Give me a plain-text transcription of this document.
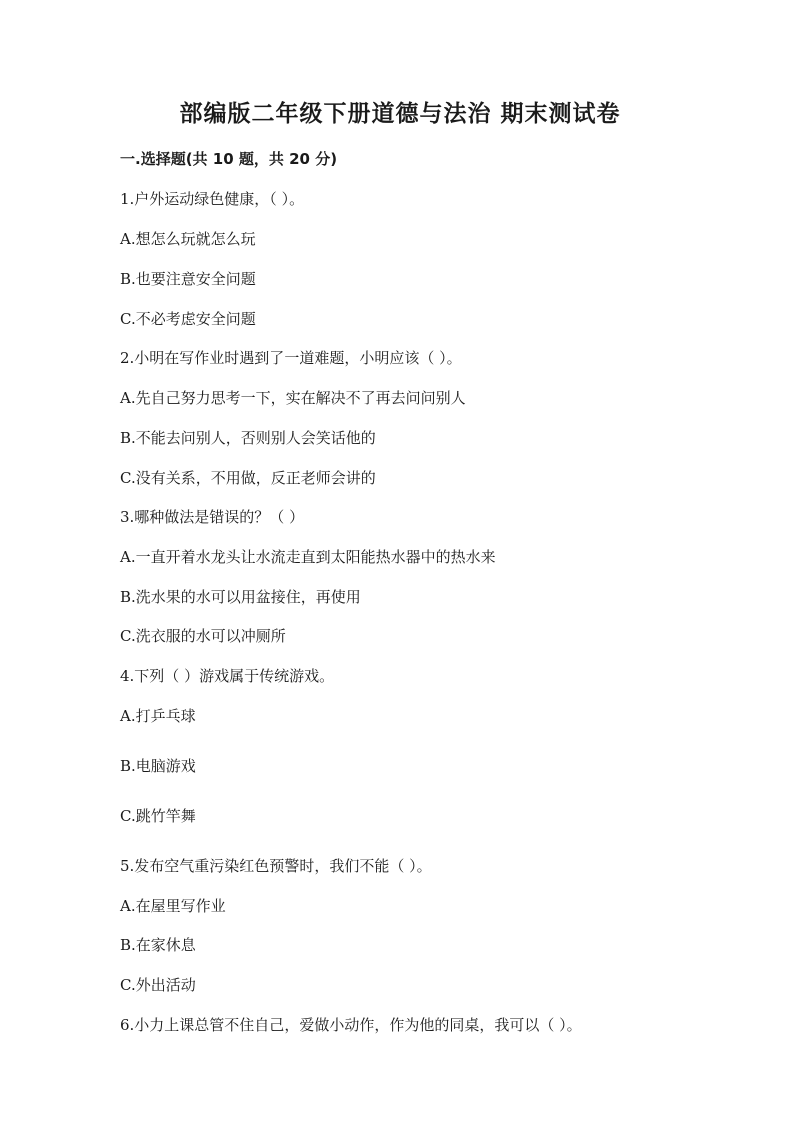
部编版二年级下册道德与法治 期末测试卷
一.选择题(共 10 题，共 20 分)
1.户外运动绿色健康，（ ）。
A.想怎么玩就怎么玩
B.也要注意安全问题
C.不必考虑安全问题
2.小明在写作业时遇到了一道难题，小明应该（ ）。
A.先自己努力思考一下，实在解决不了再去问问别人
B.不能去问别人，否则别人会笑话他的
C.没有关系，不用做，反正老师会讲的
3.哪种做法是错误的？（ ）
A.一直开着水龙头让水流走直到太阳能热水器中的热水来
B.洗水果的水可以用盆接住，再使用
C.洗衣服的水可以冲厕所
4.下列（ ）游戏属于传统游戏。
A.打乒乓球
B.电脑游戏
C.跳竹竿舞
5.发布空气重污染红色预警时，我们不能（ ）。
A.在屋里写作业
B.在家休息
C.外出活动
6.小力上课总管不住自己，爱做小动作，作为他的同桌，我可以（ ）。
